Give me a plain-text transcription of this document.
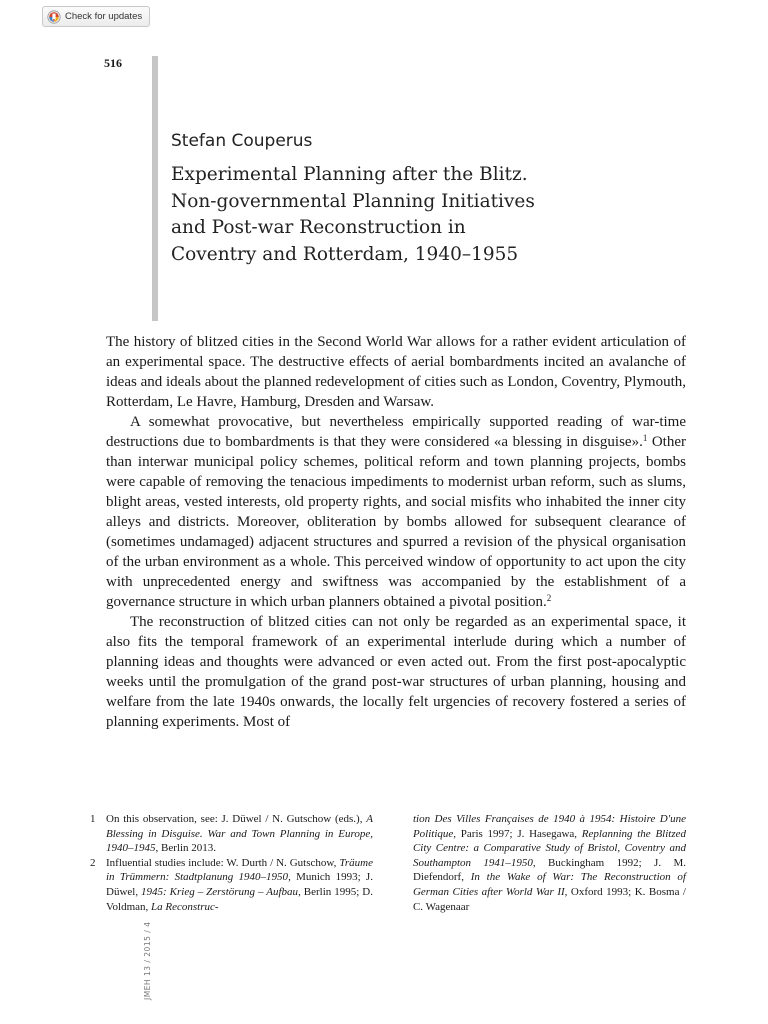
Check for updates
516
Stefan Couperus
Experimental Planning after the Blitz.
Non-governmental Planning Initiatives
and Post-war Reconstruction in
Coventry and Rotterdam, 1940–1955

The history of blitzed cities in the Second World War allows for a rather evident articulation of an experimental space. The destructive effects of aerial bombardments incited an avalanche of ideas and ideals about the planned redevelopment of cities such as London, Coventry, Plymouth, Rotterdam, Le Havre, Hamburg, Dresden and Warsaw.

A somewhat provocative, but nevertheless empirically supported reading of war-time destructions due to bombardments is that they were considered «a blessing in disguise».$^1$ Other than interwar municipal policy schemes, political reform and town planning projects, bombs were capable of removing the tenacious impediments to modernist urban reform, such as slums, blight areas, vested interests, old property rights, and social misfits who inhabited the inner city alleys and districts. Moreover, obliteration by bombs allowed for subsequent clearance of (sometimes undamaged) adjacent structures and spurred a revision of the physical organisation of the urban environment as a whole. This perceived window of opportunity to act upon the city with unprecedented energy and swiftness was accompanied by the establishment of a governance structure in which urban planners obtained a pivotal position.$^2$

The reconstruction of blitzed cities can not only be regarded as an experimental space, it also fits the temporal framework of an experimental interlude during which a number of planning ideas and thoughts were advanced or even acted out. From the first post-apocalyptic weeks until the promulgation of the grand post-war structures of urban planning, housing and welfare from the late 1940s onwards, the locally felt urgencies of recovery fostered a series of planning experiments. Most of

1 On this observation, see: J. Düwel / N. Gutschow (eds.), A Blessing in Disguise. War and Town Planning in Europe, 1940–1945, Berlin 2013.
2 Influential studies include: W. Durth / N. Gutschow, Träume in Trümmern: Stadtplanung 1940–1950, Munich 1993; J. Düwel, 1945: Krieg – Zerstörung – Aufbau, Berlin 1995; D. Voldman, La Reconstruc-
tion Des Villes Françaises de 1940 à 1954: Histoire D'une Politique, Paris 1997; J. Hasegawa, Replanning the Blitzed City Centre: a Comparative Study of Bristol, Coventry and Southampton 1941–1950, Buckingham 1992; J. M. Diefendorf, In the Wake of War: The Reconstruction of German Cities after World War II, Oxford 1993; K. Bosma / C. Wagenaar
JMEH 13 / 2015 / 4
